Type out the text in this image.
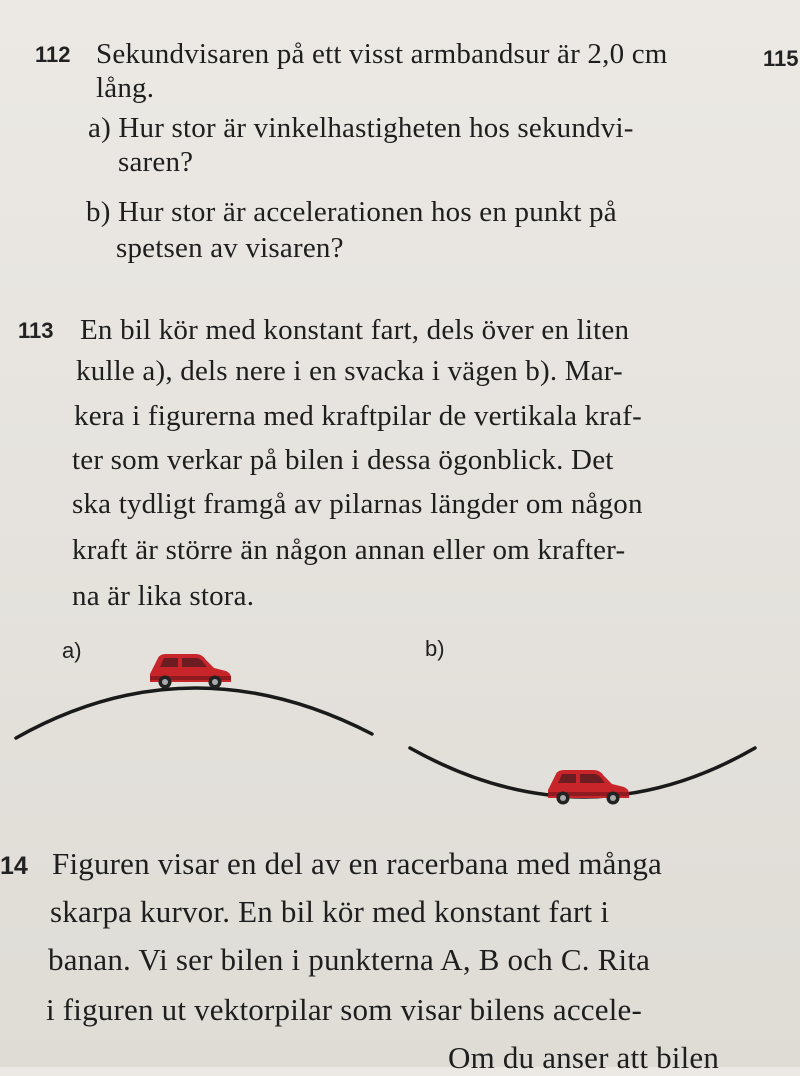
112	115
Sekundvisaren på ett visst armbandsur är 2,0 cm
lång.
a) Hur stor är vinkelhastigheten hos sekundvi-
saren?
b) Hur stor är accelerationen hos en punkt på
spetsen av visaren?
113 En bil kör med konstant fart, dels över en liten
kulle a), dels nere i en svacka i vägen b). Mar-
kera i figurerna med kraftpilar de vertikala kraf-
ter som verkar på bilen i dessa ögonblick. Det
ska tydligt framgå av pilarnas längder om någon
kraft är större än någon annan eller om krafter-
na är lika stora.
a)	b)
14 Figuren visar en del av en racerbana med många
skarpa kurvor. En bil kör med konstant fart i
banan. Vi ser bilen i punkterna A, B och C. Rita
i figuren ut vektorpilar som visar bilens accele-
Om du anser att bilen
